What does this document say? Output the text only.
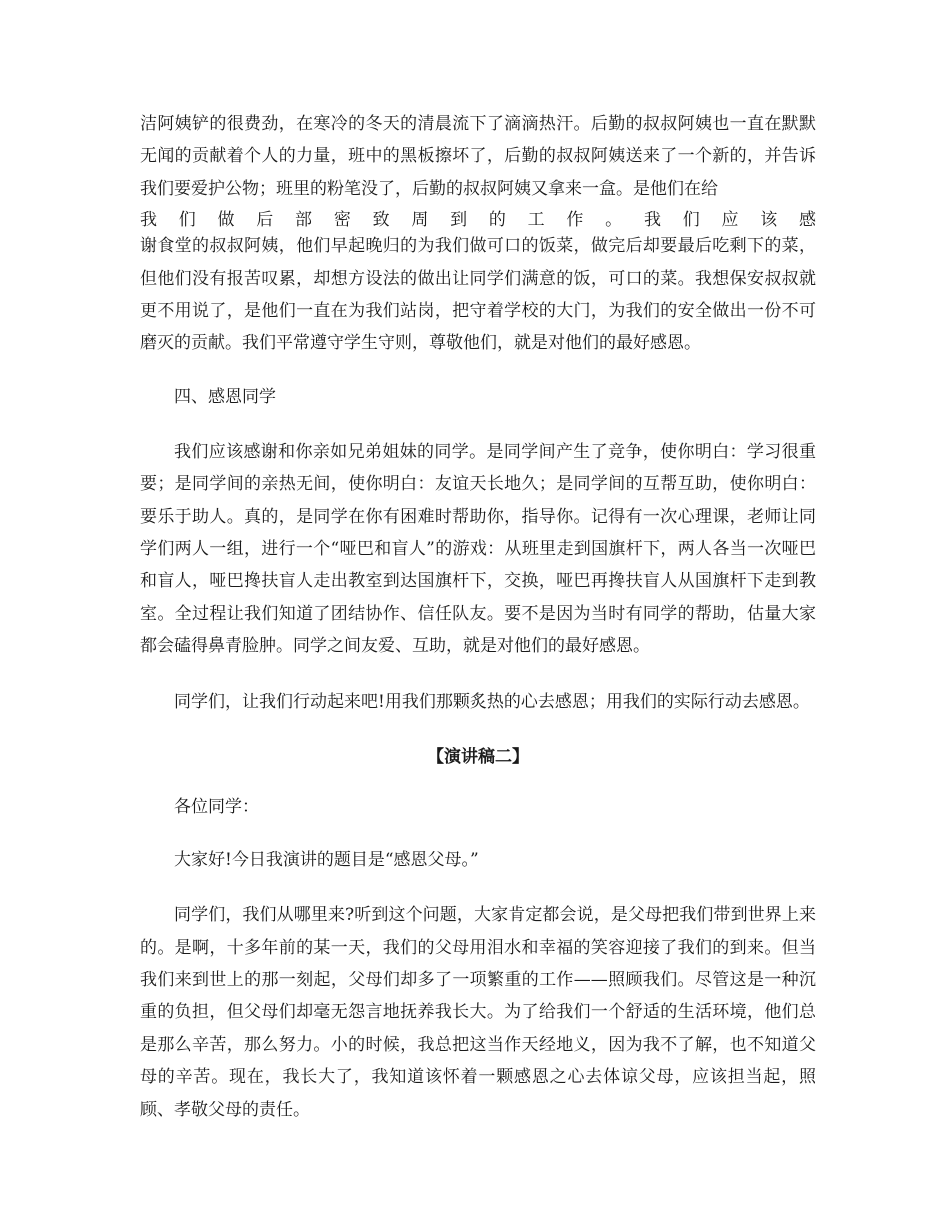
洁阿姨铲的很费劲，在寒冷的冬天的清晨流下了滴滴热汗。后勤的叔叔阿姨也一直在默默无闻的贡献着个人的力量，班中的黑板擦坏了，后勤的叔叔阿姨送来了一个新的，并告诉我们要爱护公物；班里的粉笔没了，后勤的叔叔阿姨又拿来一盒。是他们在给

我们做后部密致周到的工作。我们应该感

谢食堂的叔叔阿姨，他们早起晚归的为我们做可口的饭菜，做完后却要最后吃剩下的菜，但他们没有报苦叹累，却想方设法的做出让同学们满意的饭，可口的菜。我想保安叔叔就更不用说了，是他们一直在为我们站岗，把守着学校的大门，为我们的安全做出一份不可磨灭的贡献。我们平常遵守学生守则，尊敬他们，就是对他们的最好感恩。

四、感恩同学

我们应该感谢和你亲如兄弟姐妹的同学。是同学间产生了竞争，使你明白：学习很重要；是同学间的亲热无间，使你明白：友谊天长地久；是同学间的互帮互助，使你明白：要乐于助人。真的，是同学在你有困难时帮助你，指导你。记得有一次心理课，老师让同学们两人一组，进行一个“哑巴和盲人”的游戏：从班里走到国旗杆下，两人各当一次哑巴和盲人，哑巴搀扶盲人走出教室到达国旗杆下，交换，哑巴再搀扶盲人从国旗杆下走到教室。全过程让我们知道了团结协作、信任队友。要不是因为当时有同学的帮助，估量大家都会磕得鼻青脸肿。同学之间友爱、互助，就是对他们的最好感恩。

同学们，让我们行动起来吧!用我们那颗炙热的心去感恩；用我们的实际行动去感恩。

【演讲稿二】

各位同学：

大家好!今日我演讲的题目是“感恩父母。”

同学们，我们从哪里来?听到这个问题，大家肯定都会说，是父母把我们带到世界上来的。是啊，十多年前的某一天，我们的父母用泪水和幸福的笑容迎接了我们的到来。但当我们来到世上的那一刻起，父母们却多了一项繁重的工作——照顾我们。尽管这是一种沉重的负担，但父母们却毫无怨言地抚养我长大。为了给我们一个舒适的生活环境，他们总是那么辛苦，那么努力。小的时候，我总把这当作天经地义，因为我不了解，也不知道父母的辛苦。现在，我长大了，我知道该怀着一颗感恩之心去体谅父母，应该担当起，照顾、孝敬父母的责任。
